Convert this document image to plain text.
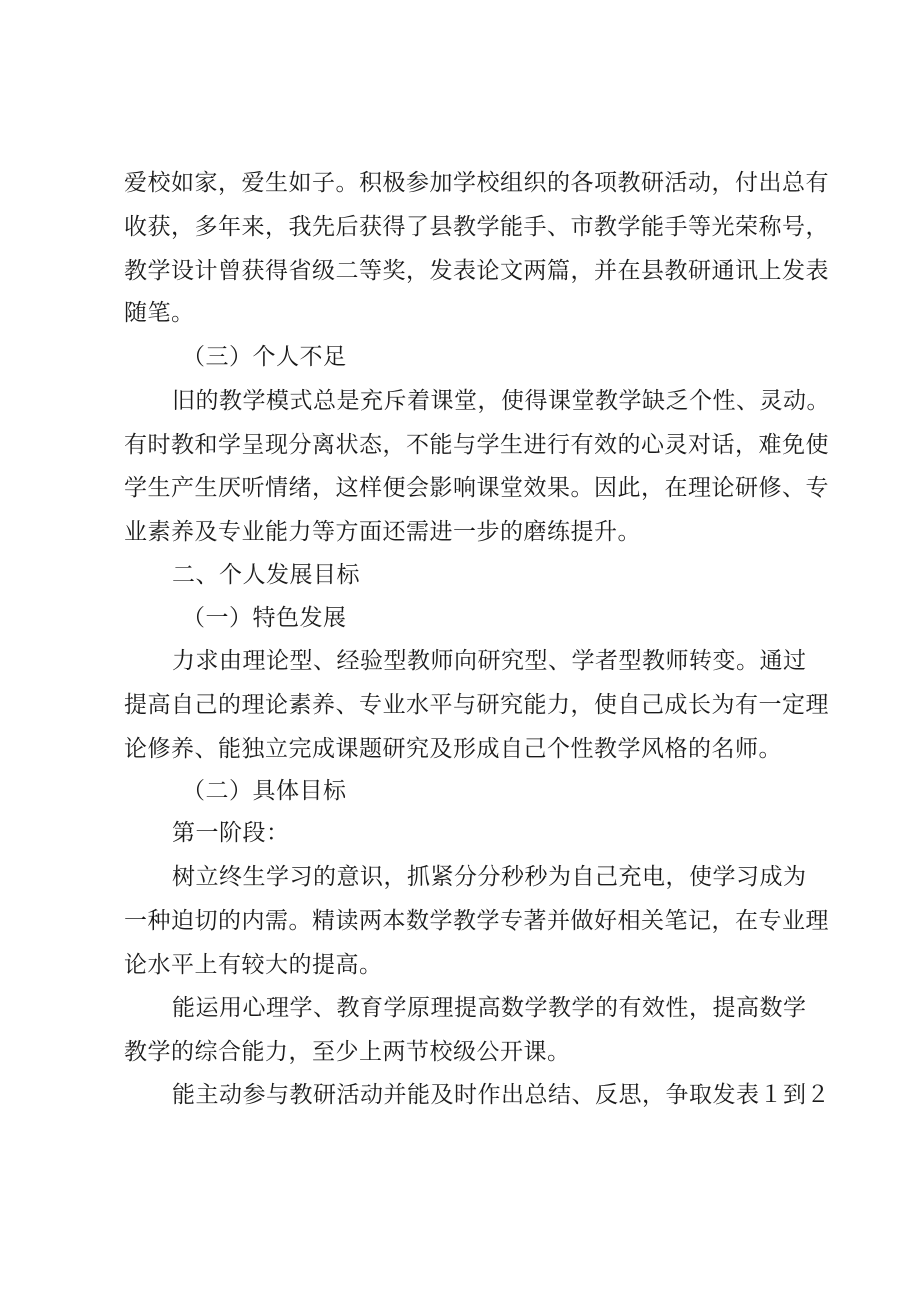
爱校如家，爱生如子。积极参加学校组织的各项教研活动，付出总有
收获，多年来，我先后获得了县教学能手、市教学能手等光荣称号，
教学设计曾获得省级二等奖，发表论文两篇，并在县教研通讯上发表
随笔。
（三）个人不足
旧的教学模式总是充斥着课堂，使得课堂教学缺乏个性、灵动。
有时教和学呈现分离状态，不能与学生进行有效的心灵对话，难免使
学生产生厌听情绪，这样便会影响课堂效果。因此，在理论研修、专
业素养及专业能力等方面还需进一步的磨练提升。
二、个人发展目标
（一）特色发展
力求由理论型、经验型教师向研究型、学者型教师转变。通过
提高自己的理论素养、专业水平与研究能力，使自己成长为有一定理
论修养、能独立完成课题研究及形成自己个性教学风格的名师。
（二）具体目标
第一阶段：
树立终生学习的意识，抓紧分分秒秒为自己充电，使学习成为
一种迫切的内需。精读两本数学教学专著并做好相关笔记，在专业理
论水平上有较大的提高。
能运用心理学、教育学原理提高数学教学的有效性，提高数学
教学的综合能力，至少上两节校级公开课。
能主动参与教研活动并能及时作出总结、反思，争取发表１到２
